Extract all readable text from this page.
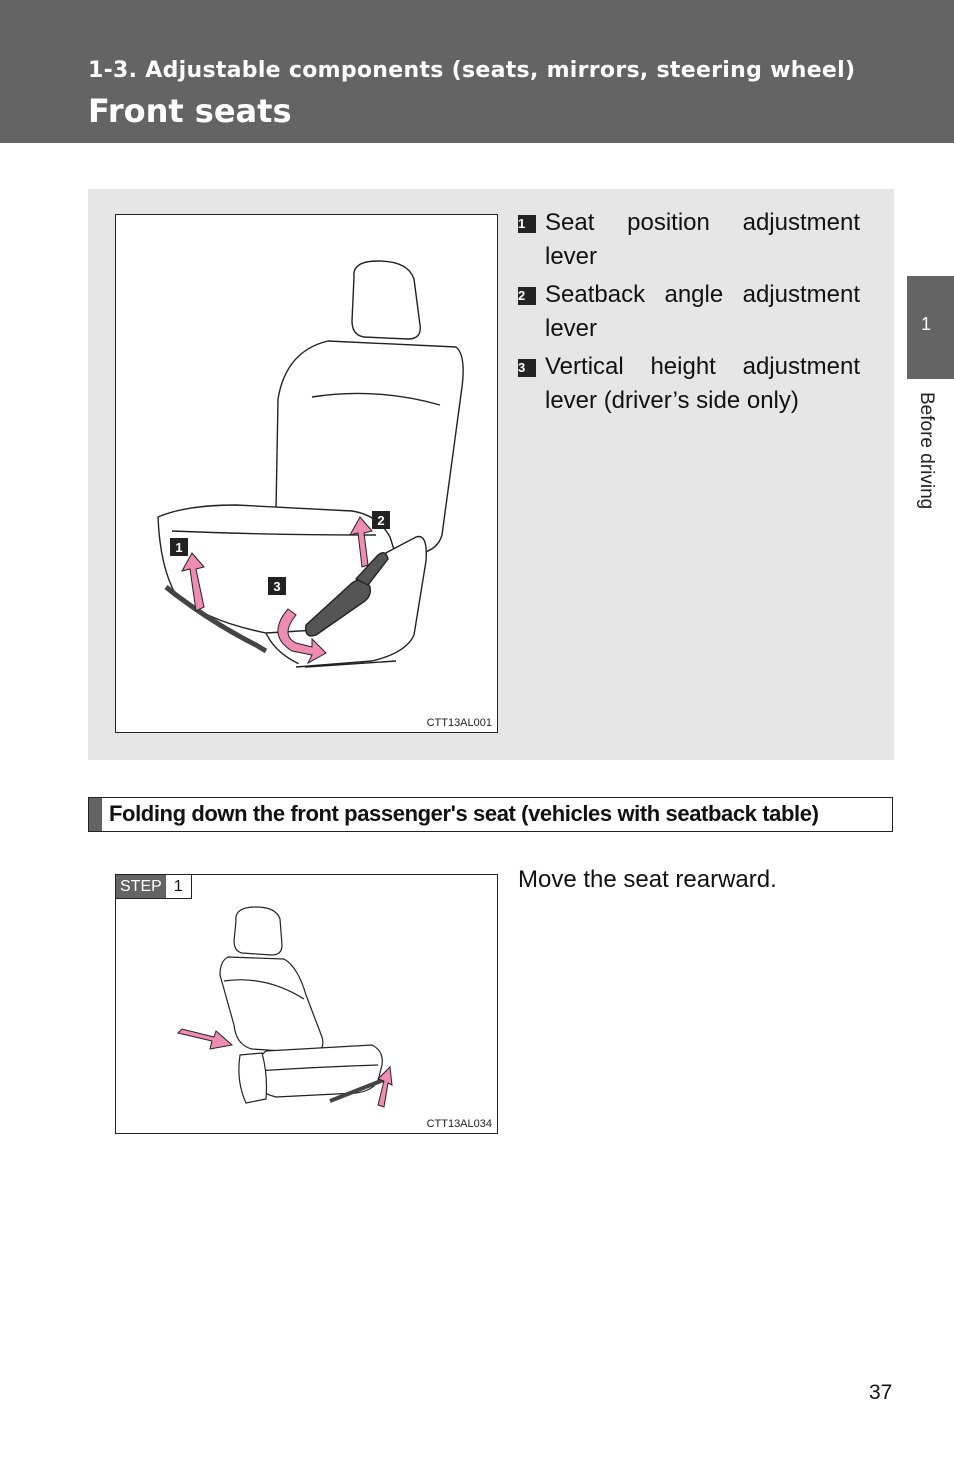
1-3. Adjustable components (seats, mirrors, steering wheel)
Front seats
1
Before driving
1
2
3
CTT13AL001
1 Seat position adjustment lever
2 Seatback angle adjustment lever
3 Vertical height adjustment lever (driver’s side only)
Folding down the front passenger's seat (vehicles with seatback table)
STEP 1
CTT13AL034
Move the seat rearward.
37
